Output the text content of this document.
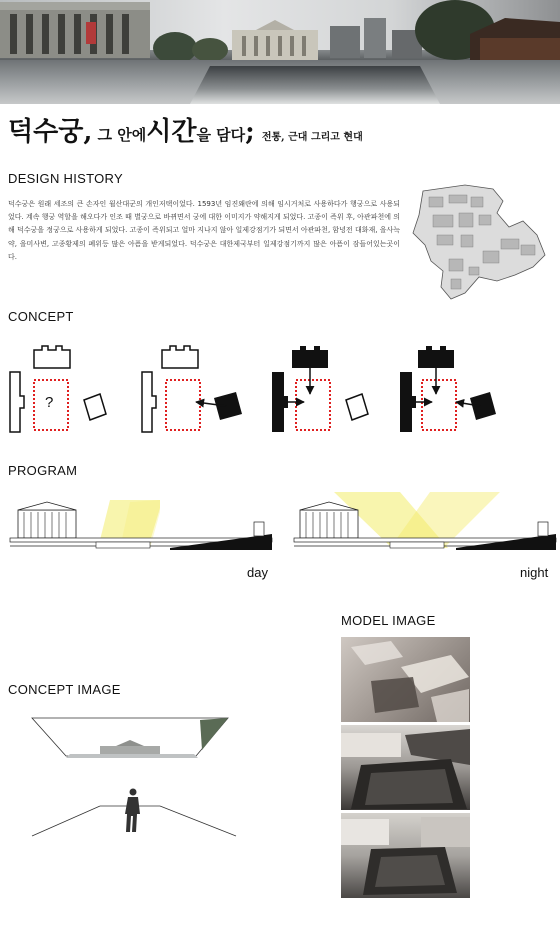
덕수궁, 그 안에시간을 담다; 전통, 근대 그리고 현대
DESIGN HISTORY
덕수궁은 원래 세조의 큰 손자인 월산대군의 개인저택이었다. 1593년 임진왜란에 의해 임시거처로 사용하다가 행궁으로 사용되었다. 계속 행궁 역할을 해오다가 인조 때 별궁으로 바뀌면서 궁에 대한 이미지가 약해지게 되었다. 고종이 즉위 후, 아관파천에 의해 덕수궁을 정궁으로 사용하게 되었다. 고종이 즉위되고 얼마 지나지 않아 일제강점기가 되면서 아관파천, 함녕전 대화재, 을사늑약, 을미사변, 고종황제의 폐위등 많은 아픔을 받게되었다. 덕수궁은 대한제국부터 일제강점기까지 많은 아픔이 잠들어있는곳이다.
CONCEPT
?
PROGRAM
day	night
CONCEPT IMAGE
MODEL IMAGE
